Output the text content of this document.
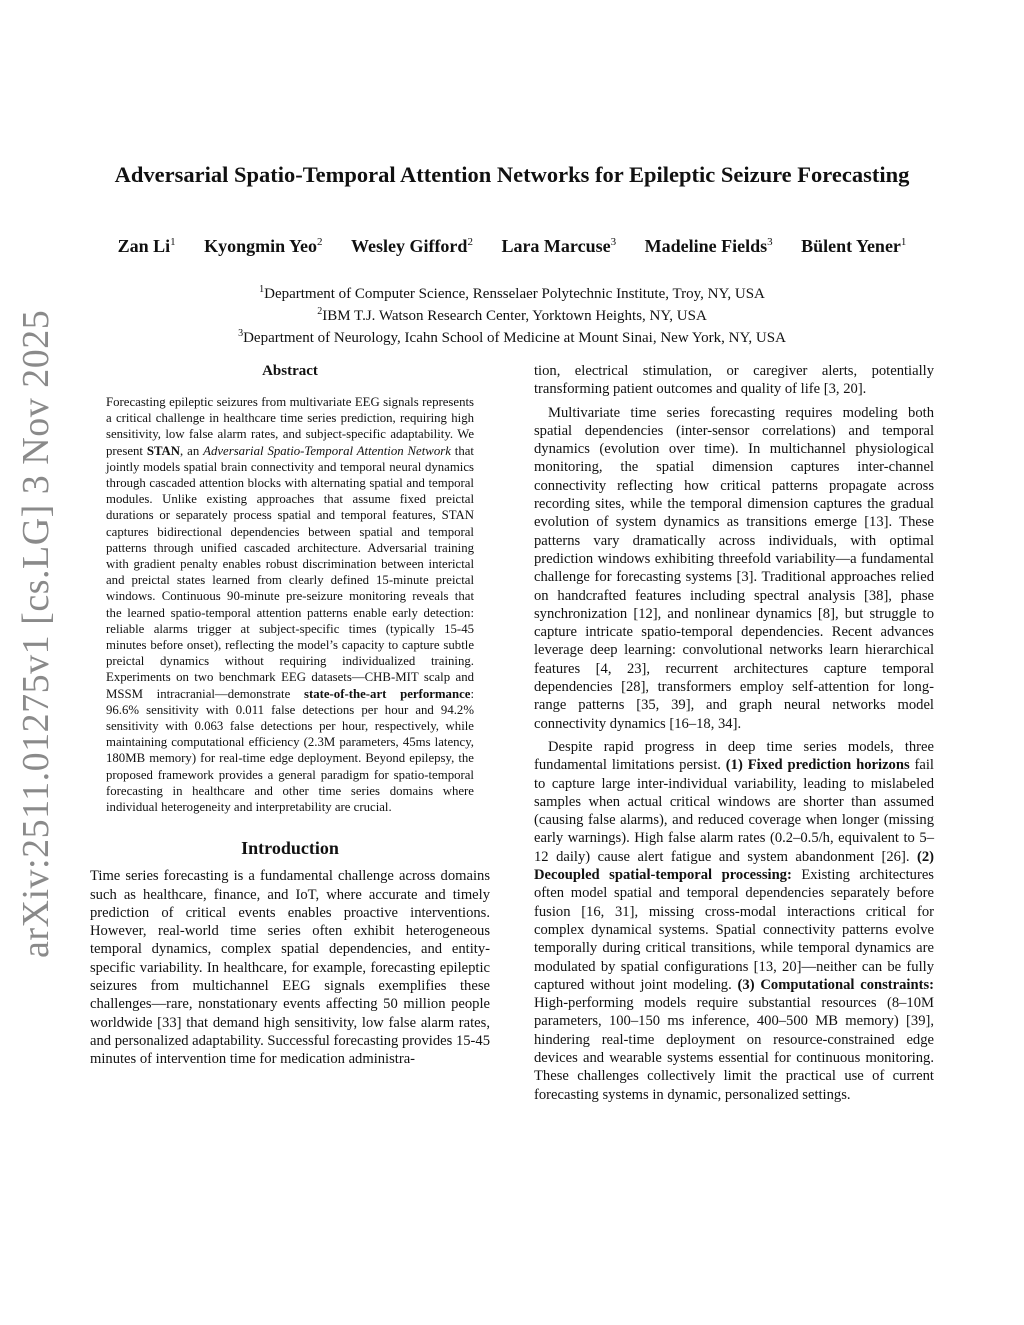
arXiv:2511.01275v1 [cs.LG] 3 Nov 2025
Adversarial Spatio-Temporal Attention Networks for Epileptic Seizure Forecasting
Zan Li$^1$ Kyongmin Yeo$^2$ Wesley Gifford$^2$ Lara Marcuse$^3$ Madeline Fields$^3$ Bülent Yener$^1$
$^1$Department of Computer Science, Rensselaer Polytechnic Institute, Troy, NY, USA
$^2$IBM T.J. Watson Research Center, Yorktown Heights, NY, USA
$^3$Department of Neurology, Icahn School of Medicine at Mount Sinai, New York, NY, USA
Abstract

Forecasting epileptic seizures from multivariate EEG signals represents a critical challenge in healthcare time series prediction, requiring high sensitivity, low false alarm rates, and subject-specific adaptability. We present STAN, an Adversarial Spatio-Temporal Attention Network that jointly models spatial brain connectivity and temporal neural dynamics through cascaded attention blocks with alternating spatial and temporal modules. Unlike existing approaches that assume fixed preictal durations or separately process spatial and temporal features, STAN captures bidirectional dependencies between spatial and temporal patterns through unified cascaded architecture. Adversarial training with gradient penalty enables robust discrimination between interictal and preictal states learned from clearly defined 15-minute preictal windows. Continuous 90-minute pre-seizure monitoring reveals that the learned spatio-temporal attention patterns enable early detection: reliable alarms trigger at subject-specific times (typically 15-45 minutes before onset), reflecting the model’s capacity to capture subtle preictal dynamics without requiring individualized training. Experiments on two benchmark EEG datasets—CHB-MIT scalp and MSSM intracranial—demonstrate state-of-the-art performance: 96.6% sensitivity with 0.011 false detections per hour and 94.2% sensitivity with 0.063 false detections per hour, respectively, while maintaining computational efficiency (2.3M parameters, 45ms latency, 180MB memory) for real-time edge deployment. Beyond epilepsy, the proposed framework provides a general paradigm for spatio-temporal forecasting in healthcare and other time series domains where individual heterogeneity and interpretability are crucial.

Introduction

Time series forecasting is a fundamental challenge across domains such as healthcare, finance, and IoT, where accurate and timely prediction of critical events enables proactive interventions. However, real-world time series often exhibit heterogeneous temporal dynamics, complex spatial dependencies, and entity-specific variability. In healthcare, for example, forecasting epileptic seizures from multichannel EEG signals exemplifies these challenges—rare, nonstationary events affecting 50 million people worldwide [33] that demand high sensitivity, low false alarm rates, and personalized adaptability. Successful forecasting provides 15-45 minutes of intervention time for medication administra-

tion, electrical stimulation, or caregiver alerts, potentially transforming patient outcomes and quality of life [3, 20].

Multivariate time series forecasting requires modeling both spatial dependencies (inter-sensor correlations) and temporal dynamics (evolution over time). In multichannel physiological monitoring, the spatial dimension captures inter-channel connectivity reflecting how critical patterns propagate across recording sites, while the temporal dimension captures the gradual evolution of system dynamics as transitions emerge [13]. These patterns vary dramatically across individuals, with optimal prediction windows exhibiting threefold variability—a fundamental challenge for forecasting systems [3]. Traditional approaches relied on handcrafted features including spectral analysis [38], phase synchronization [12], and nonlinear dynamics [8], but struggle to capture intricate spatio-temporal dependencies. Recent advances leverage deep learning: convolutional networks learn hierarchical features [4, 23], recurrent architectures capture temporal dependencies [28], transformers employ self-attention for long-range patterns [35, 39], and graph neural networks model connectivity dynamics [16–18, 34].

Despite rapid progress in deep time series models, three fundamental limitations persist. (1) Fixed prediction horizons fail to capture large inter-individual variability, leading to mislabeled samples when actual critical windows are shorter than assumed (causing false alarms), and reduced coverage when longer (missing early warnings). High false alarm rates (0.2–0.5/h, equivalent to 5–12 daily) cause alert fatigue and system abandonment [26]. (2) Decoupled spatial-temporal processing: Existing architectures often model spatial and temporal dependencies separately before fusion [16, 31], missing cross-modal interactions critical for complex dynamical systems. Spatial connectivity patterns evolve temporally during critical transitions, while temporal dynamics are modulated by spatial configurations [13, 20]—neither can be fully captured without joint modeling. (3) Computational constraints: High-performing models require substantial resources (8–10M parameters, 100–150 ms inference, 400–500 MB memory) [39], hindering real-time deployment on resource-constrained edge devices and wearable systems essential for continuous monitoring. These challenges collectively limit the practical use of current forecasting systems in dynamic, personalized settings.
